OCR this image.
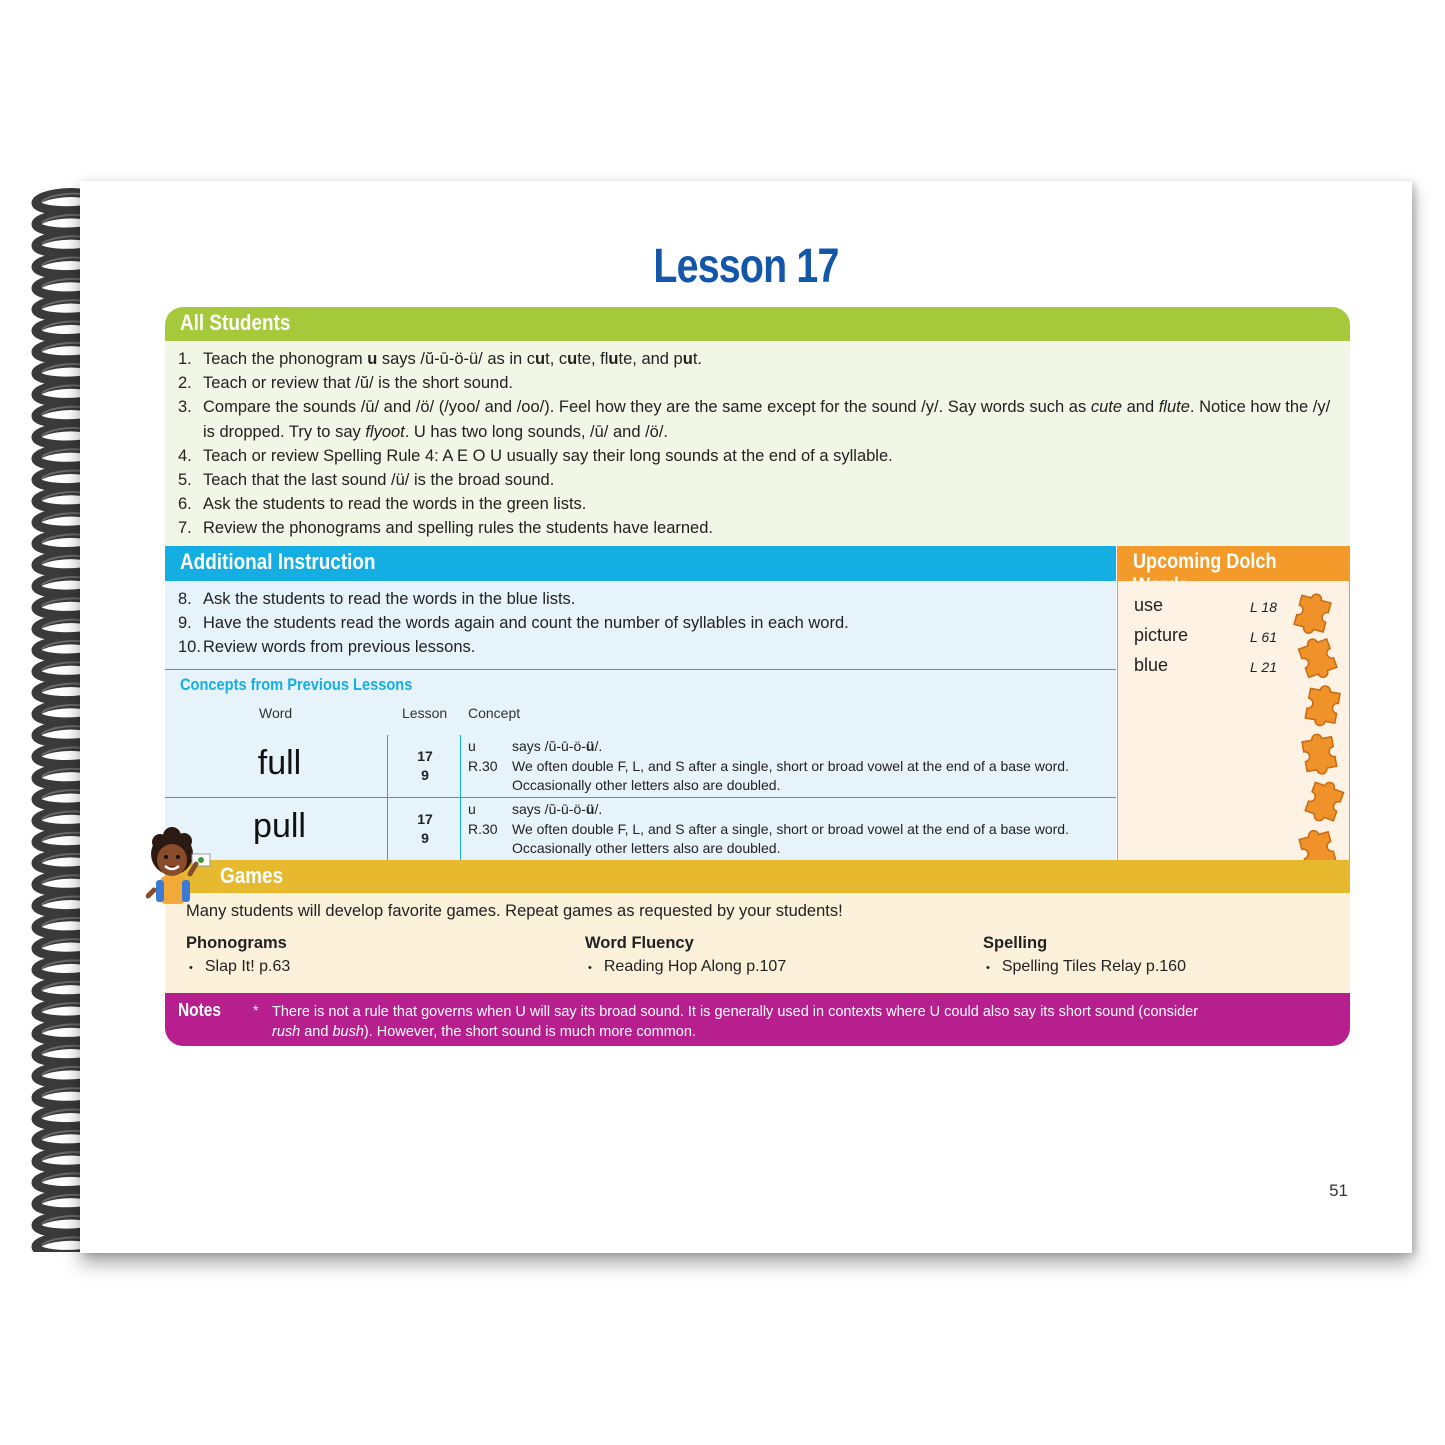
Lesson 17
All Students
1. Teach the phonogram u says /ŭ-ū-ö-ü/ as in cut, cute, flute, and put.
2. Teach or review that /ŭ/ is the short sound.
3. Compare the sounds /ū/ and /ö/ (/yoo/ and /oo/). Feel how they are the same except for the sound /y/. Say words such as cute and flute. Notice how the /y/ is dropped. Try to say flyoot. U has two long sounds, /ū/ and /ö/.
4. Teach or review Spelling Rule 4: A E O U usually say their long sounds at the end of a syllable.
5. Teach that the last sound /ü/ is the broad sound.
6. Ask the students to read the words in the green lists.
7. Review the phonograms and spelling rules the students have learned.
Additional Instruction
8. Ask the students to read the words in the blue lists.
9. Have the students read the words again and count the number of syllables in each word.
10. Review words from previous lessons.
Concepts from Previous Lessons
Word	Lesson Concept
full	17
9
u	says /ŭ-ū-ö-ü/.
R.30 We often double F, L, and S after a single, short or broad vowel at the end of a base word.
Occasionally other letters also are doubled.
pull	17
9
u	says /ŭ-ū-ö-ü/.
R.30 We often double F, L, and S after a single, short or broad vowel at the end of a base word.
Occasionally other letters also are doubled.
Upcoming Dolch
use	L 18
picture	L 61
blue	L 21
Games
Many students will develop favorite games. Repeat games as requested by your students!
Phonograms
• Slap It! p.63
Word Fluency
• Reading Hop Along p.107
Spelling
• Spelling Tiles Relay p.160
Notes * There is not a rule that governs when U will say its broad sound. It is generally used in contexts where U could also say its short sound (consider
rush and bush). However, the short sound is much more common.
51
